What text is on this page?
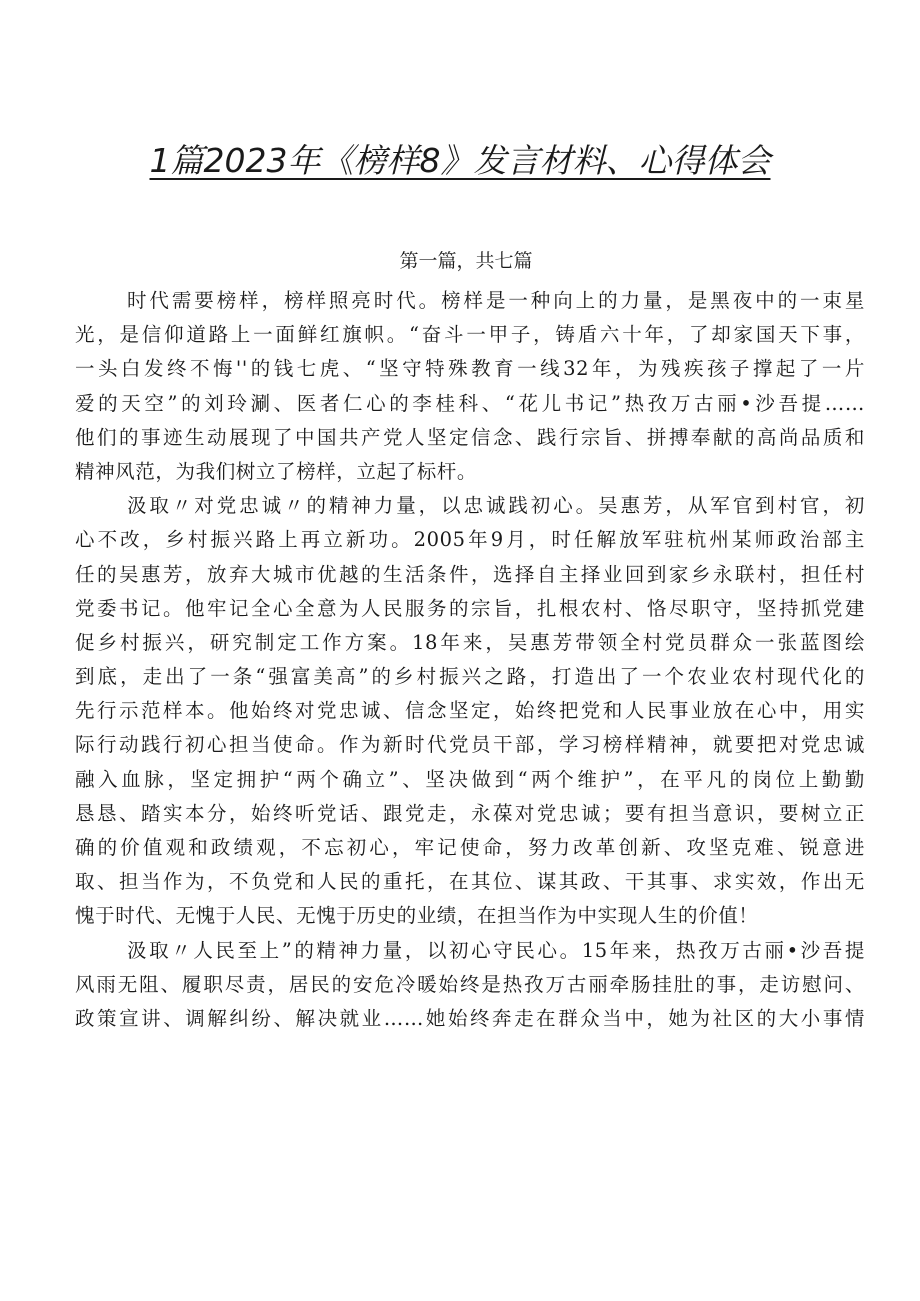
1篇2023年《榜样8》发言材料、心得体会

第一篇，共七篇

时代需要榜样，榜样照亮时代。榜样是一种向上的力量，是黑夜中的一束星
光，是信仰道路上一面鲜红旗帜。“奋斗一甲子，铸盾六十年，了却家国天下事，
一头白发终不悔''的钱七虎、“坚守特殊教育一线32年，为残疾孩子撑起了一片
爱的天空”的刘玲涮、医者仁心的李桂科、“花儿书记”热孜万古丽•沙吾提……
他们的事迹生动展现了中国共产党人坚定信念、践行宗旨、拼搏奉献的高尚品质和
精神风范，为我们树立了榜样，立起了标杆。
汲取〃对党忠诚〃的精神力量，以忠诚践初心。吴惠芳，从军官到村官，初
心不改，乡村振兴路上再立新功。2005年9月，时任解放军驻杭州某师政治部主
任的吴惠芳，放弃大城市优越的生活条件，选择自主择业回到家乡永联村，担任村
党委书记。他牢记全心全意为人民服务的宗旨，扎根农村、恪尽职守，坚持抓党建
促乡村振兴，研究制定工作方案。18年来，吴惠芳带领全村党员群众一张蓝图绘
到底，走出了一条“强富美高”的乡村振兴之路，打造出了一个农业农村现代化的
先行示范样本。他始终对党忠诚、信念坚定，始终把党和人民事业放在心中，用实
际行动践行初心担当使命。作为新时代党员干部，学习榜样精神，就要把对党忠诚
融入血脉，坚定拥护“两个确立”、坚决做到“两个维护”，在平凡的岗位上勤勤
恳恳、踏实本分，始终听党话、跟党走，永葆对党忠诚；要有担当意识，要树立正
确的价值观和政绩观，不忘初心，牢记使命，努力改革创新、攻坚克难、锐意进
取、担当作为，不负党和人民的重托，在其位、谋其政、干其事、求实效，作出无
愧于时代、无愧于人民、无愧于历史的业绩，在担当作为中实现人生的价值！
汲取〃人民至上”的精神力量，以初心守民心。15年来，热孜万古丽•沙吾提
风雨无阻、履职尽责，居民的安危冷暖始终是热孜万古丽牵肠挂肚的事，走访慰问、
政策宣讲、调解纠纷、解决就业……她始终奔走在群众当中，她为社区的大小事情
